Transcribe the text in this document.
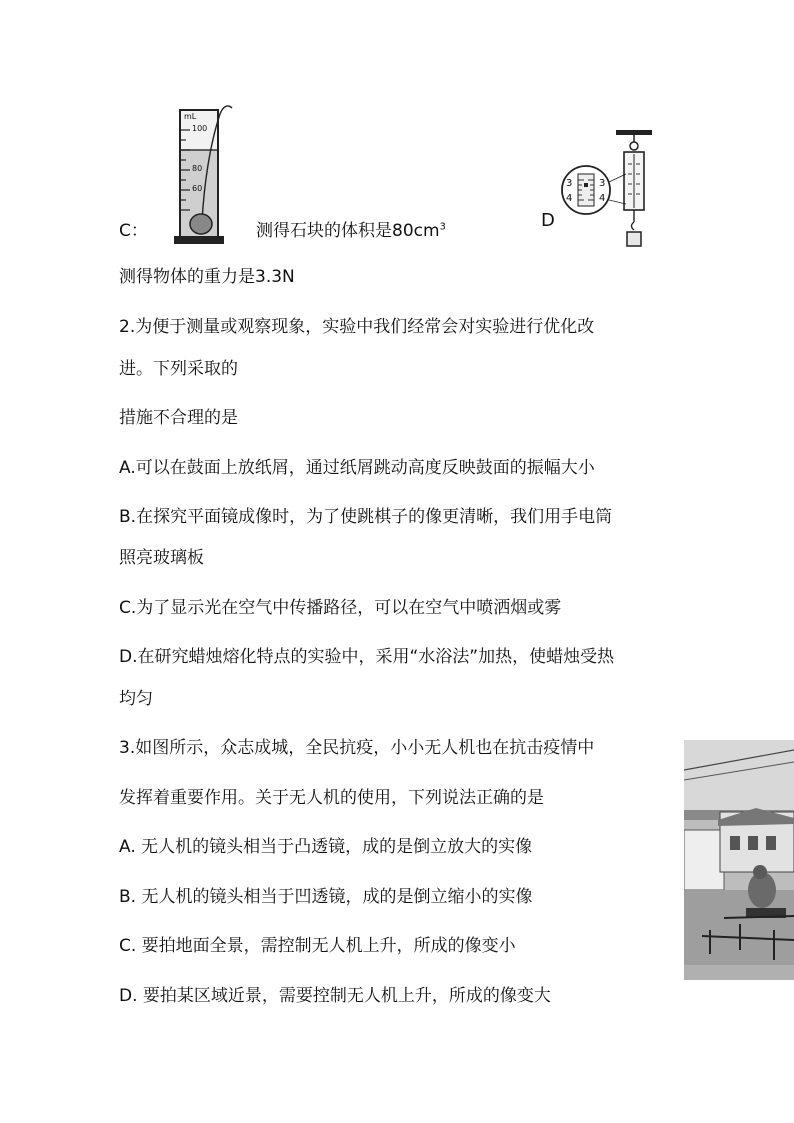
mL
100
80
60
C：	测得石块的体积是$80cm^3$	D
3
4
3
4
测得物体的重力是3.3N
2.为便于测量或观察现象，实验中我们经常会对实验进行优化改
进。下列采取的
措施不合理的是
A.可以在鼓面上放纸屑，通过纸屑跳动高度反映鼓面的振幅大小
B.在探究平面镜成像时，为了使跳棋子的像更清晰，我们用手电筒
照亮玻璃板
C.为了显示光在空气中传播路径，可以在空气中喷洒烟或雾
D.在研究蜡烛熔化特点的实验中，采用“水浴法”加热，使蜡烛受热
均匀
3.如图所示，众志成城，全民抗疫，小小无人机也在抗击疫情中
发挥着重要作用。关于无人机的使用，下列说法正确的是
A. 无人机的镜头相当于凸透镜，成的是倒立放大的实像
B. 无人机的镜头相当于凹透镜，成的是倒立缩小的实像
C. 要拍地面全景，需控制无人机上升，所成的像变小
D. 要拍某区域近景，需要控制无人机上升，所成的像变大
